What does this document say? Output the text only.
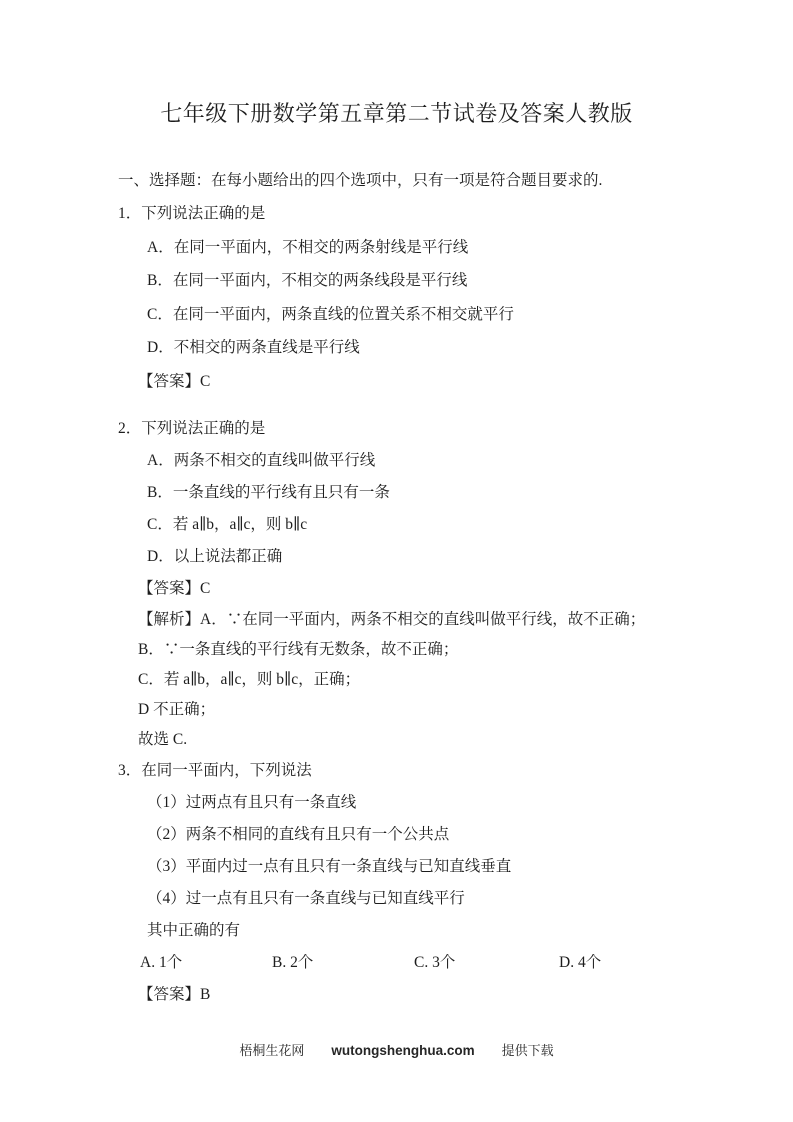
七年级下册数学第五章第二节试卷及答案人教版
一、选择题：在每小题给出的四个选项中，只有一项是符合题目要求的.
1．下列说法正确的是
A．在同一平面内，不相交的两条射线是平行线
B．在同一平面内，不相交的两条线段是平行线
C．在同一平面内，两条直线的位置关系不相交就平行
D．不相交的两条直线是平行线
【答案】C
2．下列说法正确的是
A．两条不相交的直线叫做平行线
B．一条直线的平行线有且只有一条
C．若 a∥b，a∥c，则 b∥c
D．以上说法都正确
【答案】C
【解析】A．∵在同一平面内，两条不相交的直线叫做平行线，故不正确；
B．∵一条直线的平行线有无数条，故不正确；
C．若 a∥b，a∥c，则 b∥c，正确；
D 不正确；
故选 C.
3．在同一平面内，下列说法
（1）过两点有且只有一条直线
（2）两条不相同的直线有且只有一个公共点
（3）平面内过一点有且只有一条直线与已知直线垂直
（4）过一点有且只有一条直线与已知直线平行
其中正确的有
A. 1个	B. 2个	C. 3个	D. 4个
【答案】B
梧桐生花网 wutongshenghua.com 提供下载
